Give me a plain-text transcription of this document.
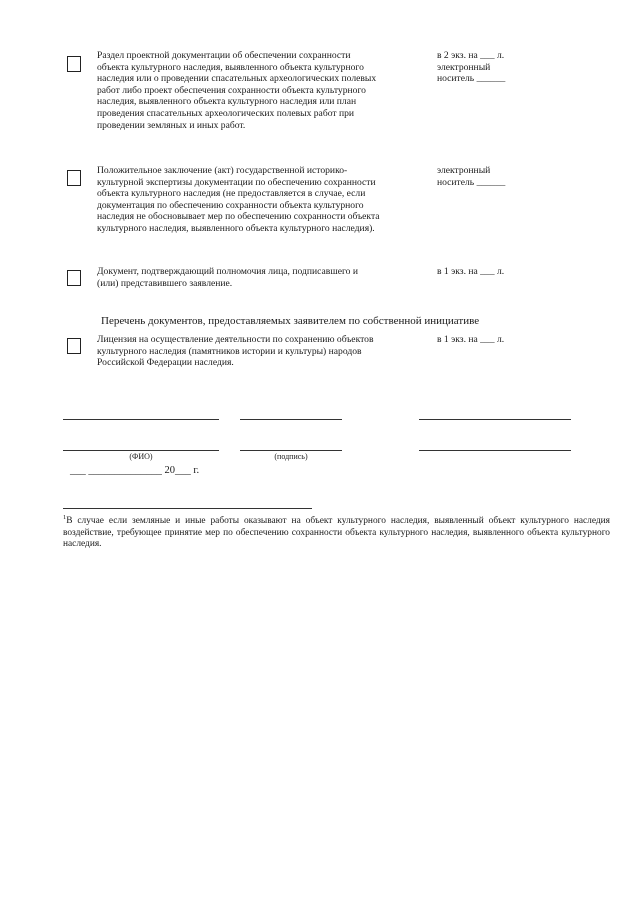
Раздел проектной документации об обеспечении сохранности
объекта культурного наследия, выявленного объекта культурного
наследия или о проведении спасательных археологических полевых
работ либо проект обеспечения сохранности объекта культурного
наследия, выявленного объекта культурного наследия или план
проведения спасательных археологических полевых работ при
проведении земляных и иных работ.
в 2 экз. на ___ л.
электронный
носитель ______
Положительное заключение (акт) государственной историко-
культурной экспертизы документации по обеспечению сохранности
объекта культурного наследия (не предоставляется в случае, если
документация по обеспечению сохранности объекта культурного
наследия не обосновывает мер по обеспечению сохранности объекта
культурного наследия, выявленного объекта культурного наследия).
электронный
носитель ______
Документ, подтверждающий полномочия лица, подписавшего и
(или) представившего заявление.
в 1 экз. на ___ л.
Перечень документов, предоставляемых заявителем по собственной инициативе
Лицензия на осуществление деятельности по сохранению объектов
культурного наследия (памятников истории и культуры) народов
Российской Федерации наследия.
в 1 экз. на ___ л.
(ФИО)	(подпись)
___ ______________ 20___ г.
$^1$В случае если земляные и иные работы оказывают на объект культурного наследия, выявленный объект культурного наследия воздействие, требующее принятие мер по обеспечению сохранности объекта культурного наследия, выявленного объекта культурного наследия.
